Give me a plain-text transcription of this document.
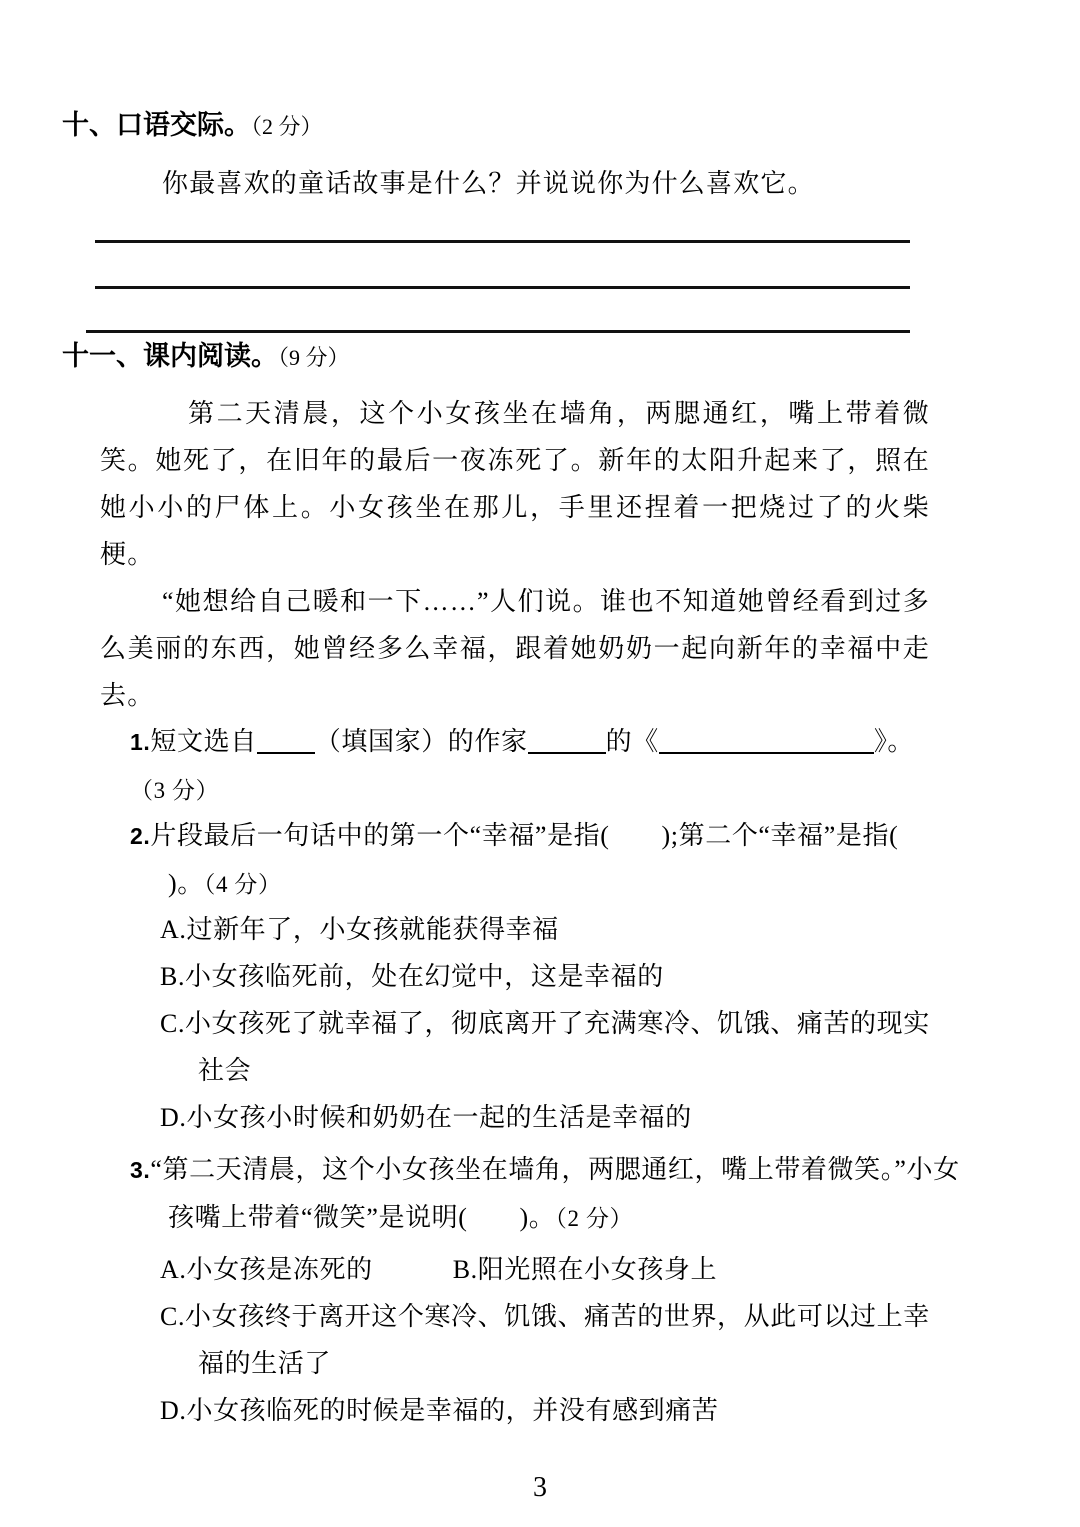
十、口语交际。（2 分）

你最喜欢的童话故事是什么？并说说你为什么喜欢它。

十一、课内阅读。（9 分）

第二天清晨，这个小女孩坐在墙角，两腮通红，嘴上带着微笑。她死了，在旧年的最后一夜冻死了。新年的太阳升起来了，照在她小小的尸体上。小女孩坐在那儿，手里还捏着一把烧过了的火柴梗。

“她想给自己暖和一下……”人们说。谁也不知道她曾经看到过多么美丽的东西，她曾经多么幸福，跟着她奶奶一起向新年的幸福中走去。

1.短文选自 （填国家）的作家	的《	》。
（3 分）
2.片段最后一句话中的第一个“幸福”是指( );第二个“幸福”是指()。（4 分）
A.过新年了，小女孩就能获得幸福
B.小女孩临死前，处在幻觉中，这是幸福的
C.小女孩死了就幸福了，彻底离开了充满寒冷、饥饿、痛苦的现实社会
D.小女孩小时候和奶奶在一起的生活是幸福的
3.“第二天清晨，这个小女孩坐在墙角，两腮通红，嘴上带着微笑。”小女孩嘴上带着“微笑”是说明( )。（2 分）
A.小女孩是冻死的	B.阳光照在小女孩身上
C.小女孩终于离开这个寒冷、饥饿、痛苦的世界，从此可以过上幸福的生活了
D.小女孩临死的时候是幸福的，并没有感到痛苦
3
